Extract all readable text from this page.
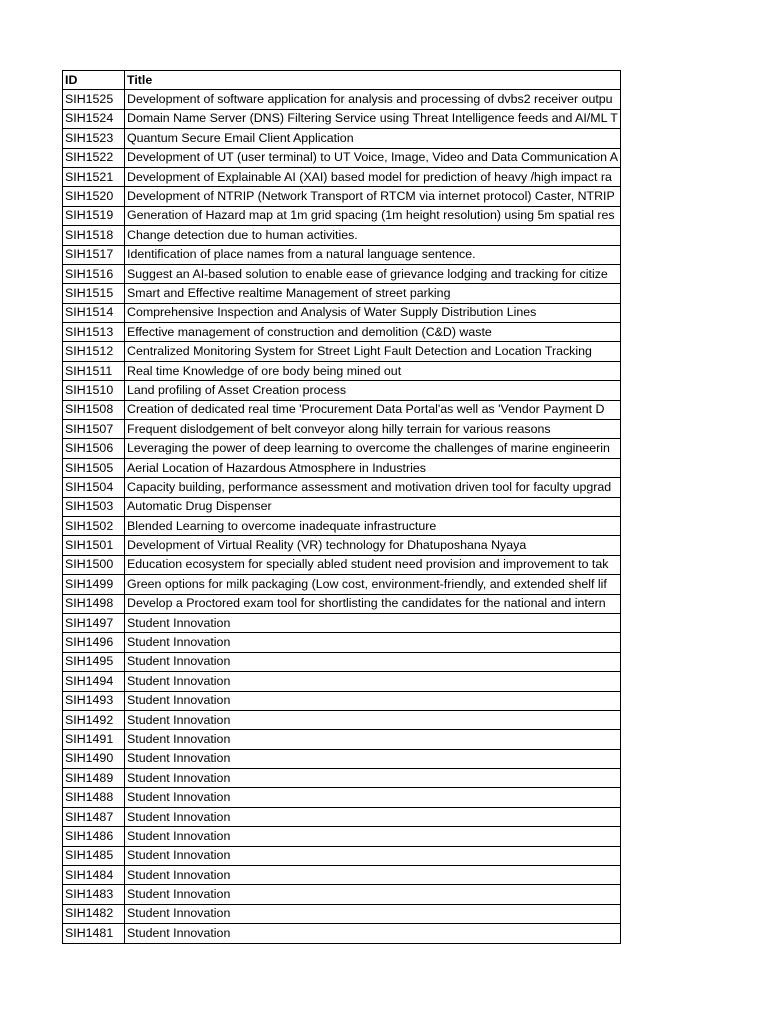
ID	Title
SIH1525	Development of software application for analysis and processing of dvbs2 receiver outpu
SIH1524	Domain Name Server (DNS) Filtering Service using Threat Intelligence feeds and AI/ML T
SIH1523	Quantum Secure Email Client Application
SIH1522	Development of UT (user terminal) to UT Voice, Image, Video and Data Communication A
SIH1521	Development of Explainable AI (XAI) based model for prediction of heavy /high impact ra
SIH1520	Development of NTRIP (Network Transport of RTCM via internet protocol) Caster, NTRIP
SIH1519	Generation of Hazard map at 1m grid spacing (1m height resolution) using 5m spatial res
SIH1518	Change detection due to human activities.
SIH1517	Identification of place names from a natural language sentence.
SIH1516	Suggest an AI-based solution to enable ease of grievance lodging and tracking for citize
SIH1515	Smart and Effective realtime Management of street parking
SIH1514	Comprehensive Inspection and Analysis of Water Supply Distribution Lines
SIH1513	Effective management of construction and demolition (C&D) waste
SIH1512	Centralized Monitoring System for Street Light Fault Detection and Location Tracking
SIH1511	Real time Knowledge of ore body being mined out
SIH1510	Land profiling of Asset Creation process
SIH1508	Creation of dedicated real time 'Procurement Data Portal'as well as 'Vendor Payment D
SIH1507	Frequent dislodgement of belt conveyor along hilly terrain for various reasons
SIH1506	Leveraging the power of deep learning to overcome the challenges of marine engineerin
SIH1505	Aerial Location of Hazardous Atmosphere in Industries
SIH1504	Capacity building, performance assessment and motivation driven tool for faculty upgrad
SIH1503	Automatic Drug Dispenser
SIH1502	Blended Learning to overcome inadequate infrastructure
SIH1501	Development of Virtual Reality (VR) technology for Dhatuposhana Nyaya
SIH1500	Education ecosystem for specially abled student need provision and improvement to tak
SIH1499	Green options for milk packaging (Low cost, environment-friendly, and extended shelf lif
SIH1498	Develop a Proctored exam tool for shortlisting the candidates for the national and intern
SIH1497	Student Innovation
SIH1496	Student Innovation
SIH1495	Student Innovation
SIH1494	Student Innovation
SIH1493	Student Innovation
SIH1492	Student Innovation
SIH1491	Student Innovation
SIH1490	Student Innovation
SIH1489	Student Innovation
SIH1488	Student Innovation
SIH1487	Student Innovation
SIH1486	Student Innovation
SIH1485	Student Innovation
SIH1484	Student Innovation
SIH1483	Student Innovation
SIH1482	Student Innovation
SIH1481	Student Innovation
